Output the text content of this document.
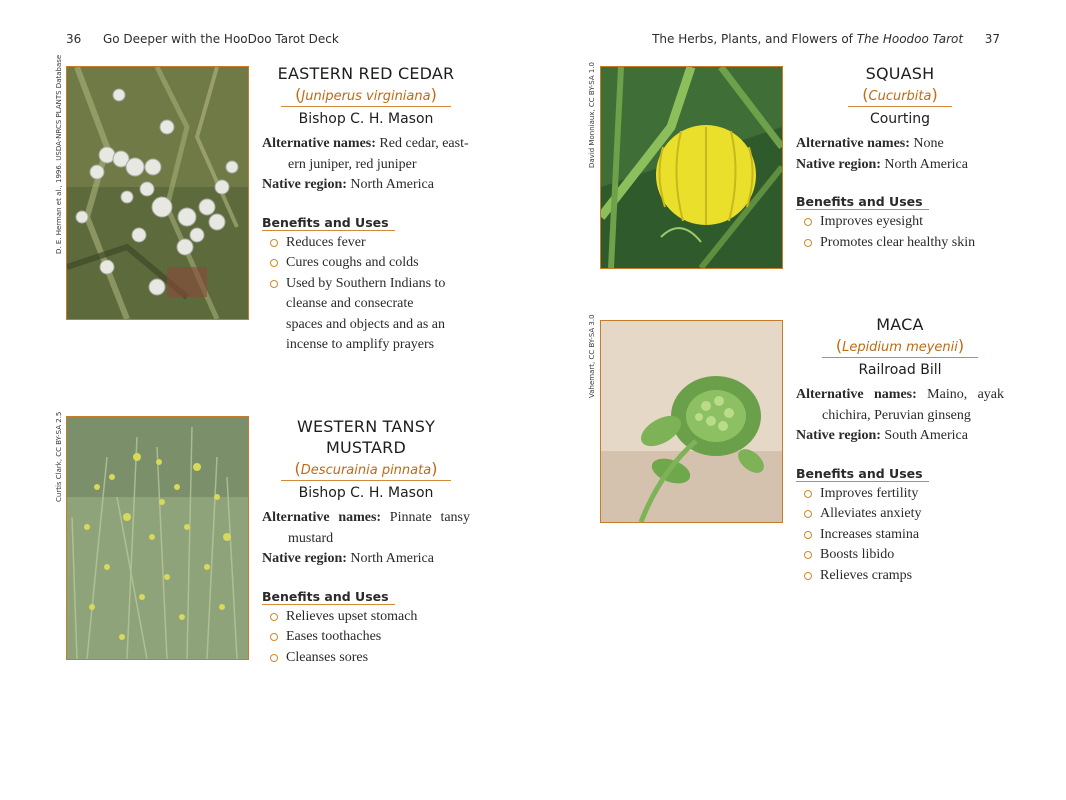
36 Go Deeper with the HooDoo Tarot Deck	The Herbs, Plants, and Flowers of The Hoodoo Tarot 37
D. E. Herman et al., 1996. USDA-NRCS PLANTS Database
Curtis Clark, CC BY-SA 2.5
David Monniaux, CC BY-SA 1.0
Vahemart, CC BY-SA 3.0
EASTERN RED CEDAR
(Juniperus virginiana)
Bishop C. H. Mason
Alternative names: Red cedar, east-
ern juniper, red juniper
Native region: North America
Benefits and Uses
Reduces fever
Cures coughs and colds
Used by Southern Indians to cleanse and consecrate spaces and objects and as an incense to amplify prayers
WESTERN TANSY
MUSTARD
(Descurainia pinnata)
Bishop C. H. Mason
Alternative names: Pinnate tansy mustard
Native region: North America
Benefits and Uses
Relieves upset stomach
Eases toothaches
Cleanses sores
SQUASH
(Cucurbita)
Courting
Alternative names: None
Native region: North America
Benefits and Uses
Improves eyesight
Promotes clear healthy skin
MACA
(Lepidium meyenii)
Railroad Bill
Alternative names: Maino, ayak chichira, Peruvian ginseng
Native region: South America
Benefits and Uses
Improves fertility
Alleviates anxiety
Increases stamina
Boosts libido
Relieves cramps
